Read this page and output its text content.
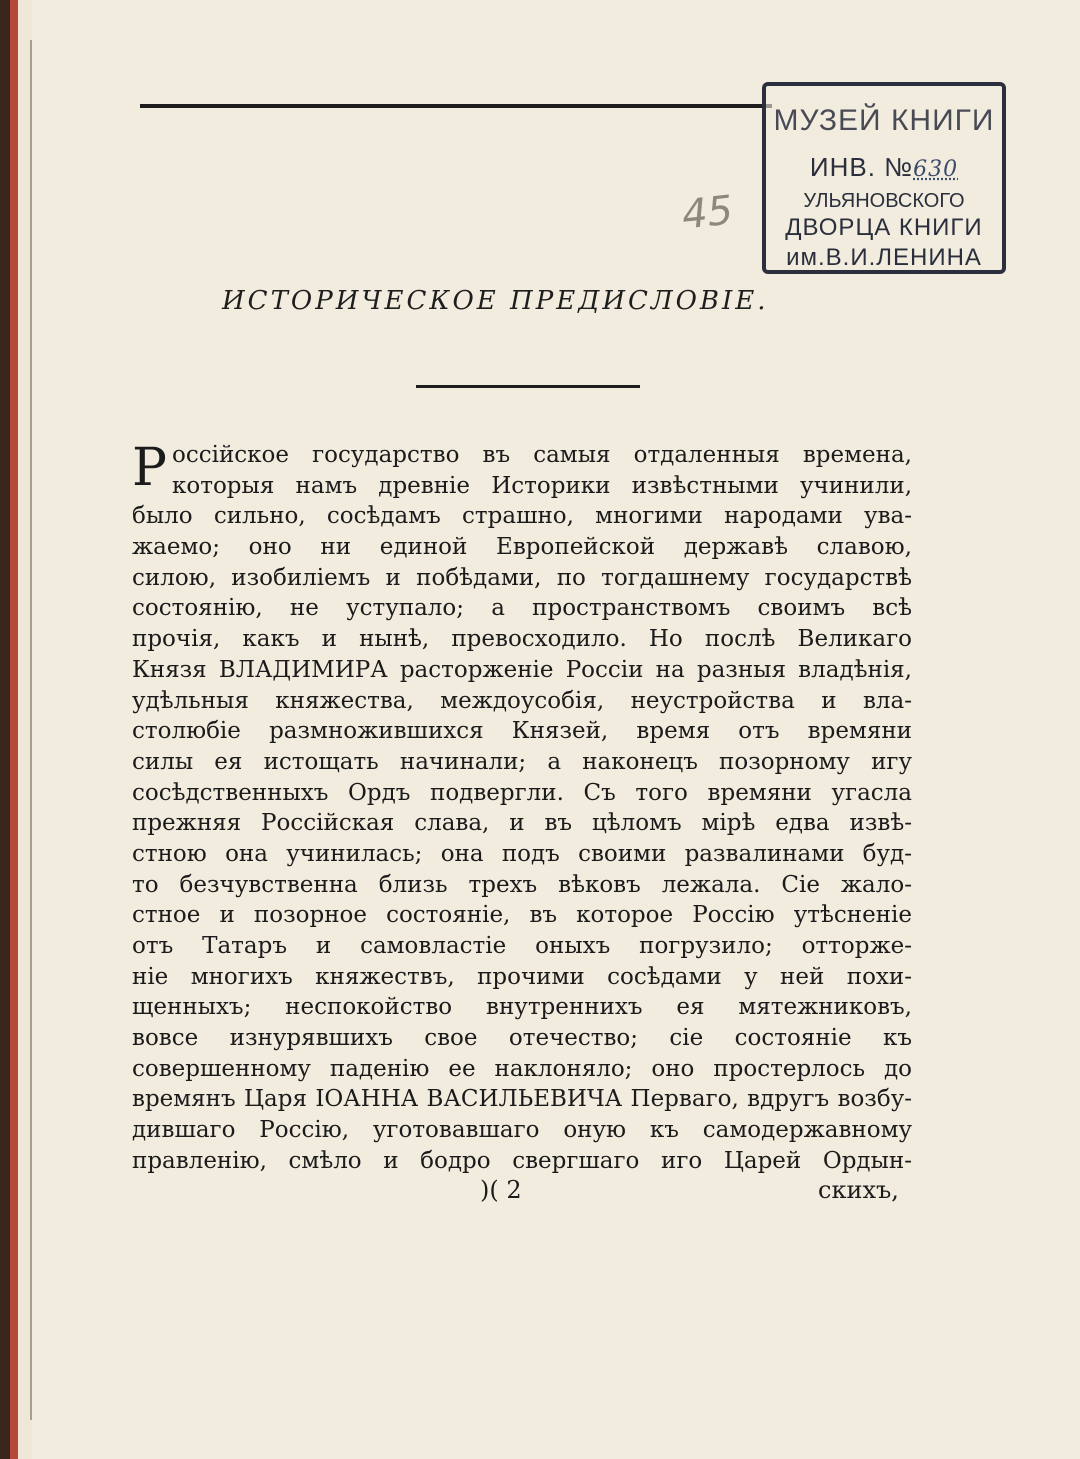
МУЗЕЙ КНИГИ
ИНВ. №630
УЛЬЯНОВСКОГО
ДВОРЦА КНИГИ
им.В.И.ЛЕНИНА
45
ИСТОРИЧЕСКОЕ ПРЕДИСЛОВІЕ.
Р оссійское государство въ самыя отдаленныя времена,
которыя намъ древніе Историки извѣстными учинили,
было сильно, сосѣдамъ страшно, многими народами ува-
жаемо; оно ни единой Европейской державѣ славою,
силою, изобиліемъ и побѣдами, по тогдашнему государствѣ
состоянію, не уступало; а пространствомъ своимъ всѣ
прочія, какъ и нынѣ, превосходило. Но послѣ Великаго
Князя ВЛАДИМИРА расторженіе Россіи на разныя владѣнія,
удѣльныя княжества, междоусобія, неустройства и вла-
столюбіе размножившихся Князей, время отъ времяни
силы ея истощать начинали; а наконецъ позорному игу
сосѣдственныхъ Ордъ подвергли. Съ того времяни угасла
прежняя Россійская слава, и въ цѣломъ мірѣ едва извѣ-
стною она учинилась; она подъ своими развалинами буд-
то безчувственна близь трехъ вѣковъ лежала. Сіе жало-
стное и позорное состояніе, въ которое Россію утѣсненіе
отъ Татаръ и самовластіе оныхъ погрузило; отторже-
ніе многихъ княжествъ, прочими сосѣдами у ней похи-
щенныхъ; неспокойство внутреннихъ ея мятежниковъ,
вовсе изнурявшихъ свое отечество; сіе состояніе къ
совершенному паденію ее наклоняло; оно простерлось до
времянъ Царя ІОАННА ВАСИЛЬЕВИЧА Перваго, вдругъ возбу-
дившаго Россію, уготовавшаго оную къ самодержавному
правленію, смѣло и бодро свергшаго иго Царей Ордын-
)( 2	скихъ,
